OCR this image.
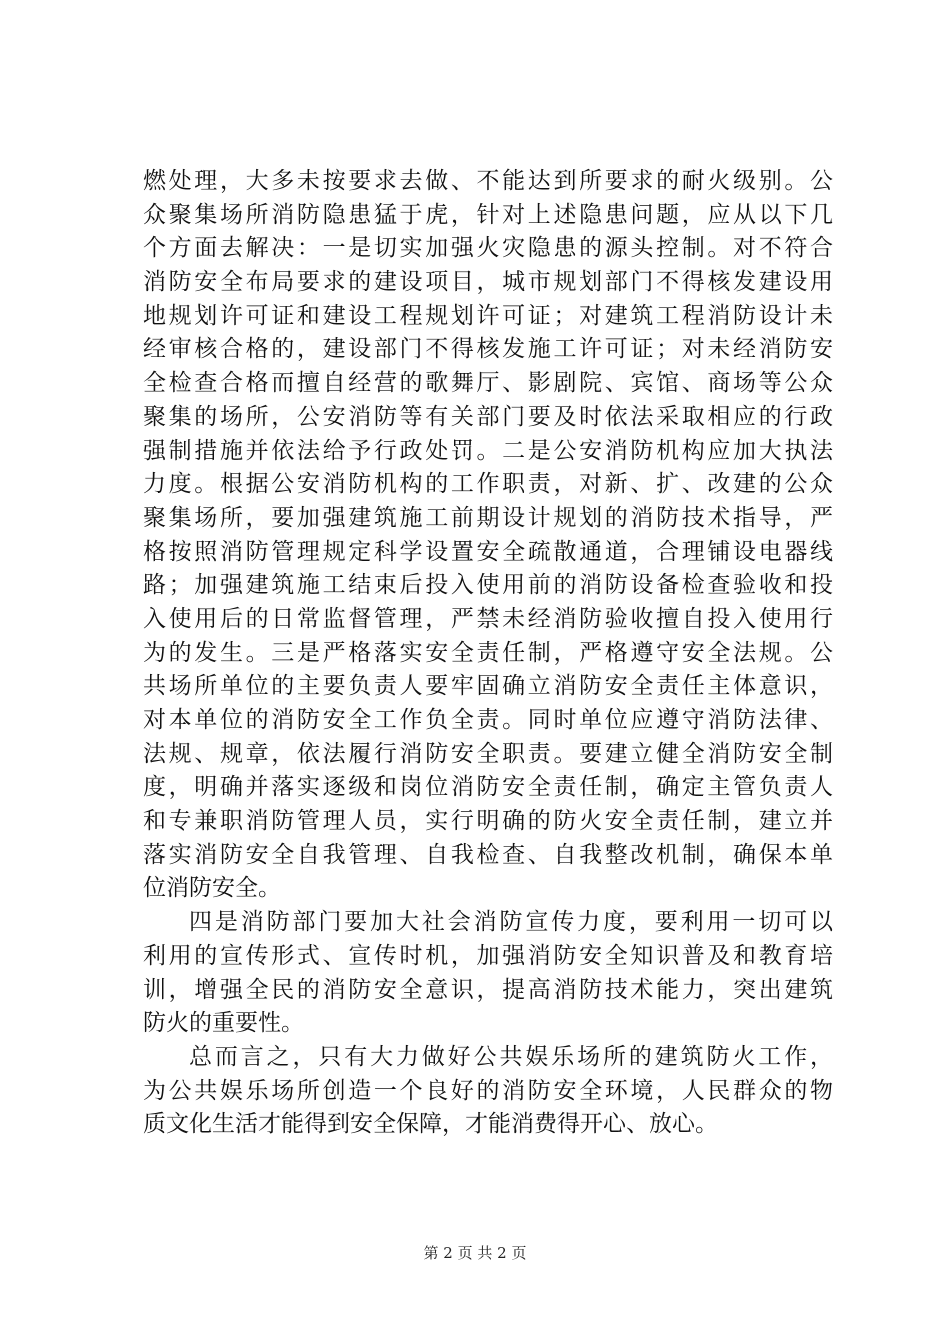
燃处理，大多未按要求去做、不能达到所要求的耐火级别。公
众聚集场所消防隐患猛于虎，针对上述隐患问题，应从以下几
个方面去解决：一是切实加强火灾隐患的源头控制。对不符合
消防安全布局要求的建设项目，城市规划部门不得核发建设用
地规划许可证和建设工程规划许可证；对建筑工程消防设计未
经审核合格的，建设部门不得核发施工许可证；对未经消防安
全检查合格而擅自经营的歌舞厅、影剧院、宾馆、商场等公众
聚集的场所，公安消防等有关部门要及时依法采取相应的行政
强制措施并依法给予行政处罚。二是公安消防机构应加大执法
力度。根据公安消防机构的工作职责，对新、扩、改建的公众
聚集场所，要加强建筑施工前期设计规划的消防技术指导，严
格按照消防管理规定科学设置安全疏散通道，合理铺设电器线
路；加强建筑施工结束后投入使用前的消防设备检查验收和投
入使用后的日常监督管理，严禁未经消防验收擅自投入使用行
为的发生。三是严格落实安全责任制，严格遵守安全法规。公
共场所单位的主要负责人要牢固确立消防安全责任主体意识，
对本单位的消防安全工作负全责。同时单位应遵守消防法律、
法规、规章，依法履行消防安全职责。要建立健全消防安全制
度，明确并落实逐级和岗位消防安全责任制，确定主管负责人
和专兼职消防管理人员，实行明确的防火安全责任制，建立并
落实消防安全自我管理、自我检查、自我整改机制，确保本单
位消防安全。
四是消防部门要加大社会消防宣传力度，要利用一切可以
利用的宣传形式、宣传时机，加强消防安全知识普及和教育培
训，增强全民的消防安全意识，提高消防技术能力，突出建筑
防火的重要性。
总而言之，只有大力做好公共娱乐场所的建筑防火工作，
为公共娱乐场所创造一个良好的消防安全环境，人民群众的物
质文化生活才能得到安全保障，才能消费得开心、放心。
第 2 页 共 2 页
